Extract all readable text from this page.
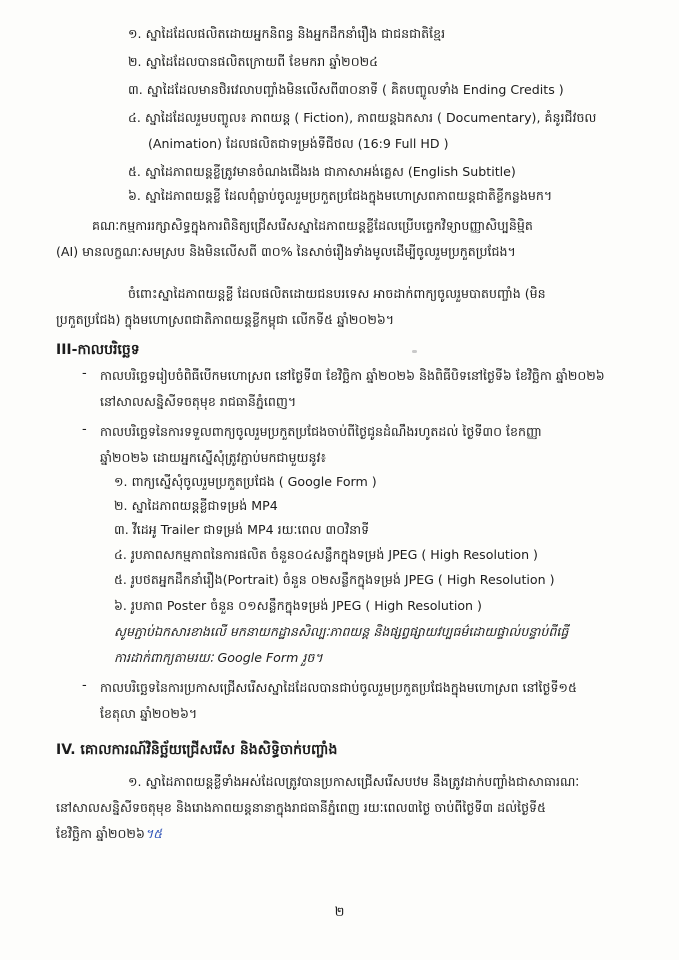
១. ស្នាដៃដែលផលិតដោយអ្នកនិពន្ធ និងអ្នកដឹកនាំរឿង ជាជនជាតិខ្មែរ
២. ស្នាដៃដែលបានផលិតក្រោយពី ខែមករា ឆ្នាំ២០២៤
៣. ស្នាដៃដែលមានថិរវេលាបញ្ចាំងមិនលើសពី៣០នាទី ( គិតបញ្ចូលទាំង Ending Credits )
៤. ស្នាដៃដែលរួមបញ្ចូល៖ ភាពយន្ត ( Fiction), ភាពយន្តឯកសារ ( Documentary), គំនូរជីវចល
(Animation) ដែលផលិតជាទម្រង់ទីជីថល (16:9 Full HD )
៥. ស្នាដៃភាពយន្តខ្លីត្រូវមានចំណងជើងរង ជាភាសាអង់គ្លេស (English Subtitle)
៦. ស្នាដៃភាពយន្តខ្លី ដែលពុំធ្លាប់ចូលរួមប្រកួតប្រជែងក្នុងមហោស្រពភាពយន្តជាតិខ្លីកន្លងមក។
គណៈកម្មការរក្សាសិទ្ធក្នុងការពិនិត្យជ្រើសរើសស្នាដៃភាពយន្តខ្លីដែលប្រើបច្ចេកវិទ្យាបញ្ញាសិប្បនិម្មិត
(AI) មានលក្ខណៈសមស្រប និងមិនលើសពី ៣០% នៃសាច់រឿងទាំងមូលដើម្បីចូលរួមប្រកួតប្រជែង។
ចំពោះស្នាដៃភាពយន្តខ្លី ដែលផលិតដោយជនបរទេស អាចដាក់ពាក្យចូលរួមបាតបញ្ចាំង (មិន
ប្រកួតប្រជែង) ក្នុងមហោស្រពជាតិភាពយន្តខ្លីកម្ពុជា លើកទី៥ ឆ្នាំ២០២៦។
III-កាលបរិច្ឆេទ
- កាលបរិច្ឆេទរៀបចំពិធីបើកមហោស្រព នៅថ្ងៃទី៣ ខែវិច្ឆិកា ឆ្នាំ២០២៦ និងពិធីបិទនៅថ្ងៃទី៦ ខែវិច្ឆិកា ឆ្នាំ២០២៦
នៅសាលសន្និសីទចតុមុខ រាជធានីភ្នំពេញ។
- កាលបរិច្ឆេទនៃការទទួលពាក្យចូលរួមប្រកួតប្រជែងចាប់ពីថ្ងៃជូនដំណឹងរហូតដល់ ថ្ងៃទី៣០ ខែកញ្ញា
ឆ្នាំ២០២៦ ដោយអ្នកស្នើសុំត្រូវភ្ជាប់មកជាមួយនូវ៖
១. ពាក្យស្នើសុំចូលរួមប្រកួតប្រជែង ( Google Form )
២. ស្នាដៃភាពយន្តខ្លីជាទម្រង់ MP4
៣. វីដេអូ Trailer ជាទម្រង់ MP4 រយៈពេល ៣០វិនាទី
៤. រូបភាពសកម្មភាពនៃការផលិត ចំនួន០៤សន្លឹកក្នុងទម្រង់ JPEG ( High Resolution )
៥. រូបថតអ្នកដឹកនាំរឿង(Portrait) ចំនួន ០២សន្លឹកក្នុងទម្រង់ JPEG ( High Resolution )
៦. រូបភាព Poster ចំនួន ០១សន្លឹកក្នុងទម្រង់ JPEG ( High Resolution )
សូមភ្ជាប់ឯកសារខាងលើ មកនាយកដ្ឋានសិល្បៈភាពយន្ត និងផ្សព្វផ្សាយវប្បធម៌ដោយផ្ទាល់បន្ទាប់ពីធ្វើ
ការដាក់ពាក្យតាមរយៈ Google Form រួច។
- កាលបរិច្ឆេទនៃការប្រកាសជ្រើសរើសស្នាដៃដែលបានជាប់ចូលរួមប្រកួតប្រជែងក្នុងមហោស្រព នៅថ្ងៃទី១៥
ខែតុលា ឆ្នាំ២០២៦។
IV. គោលការណ៍វិនិច្ឆ័យជ្រើសរើស និងសិទ្ធិចាក់បញ្ចាំង
១. ស្នាដៃភាពយន្តខ្លីទាំងអស់ដែលត្រូវបានប្រកាសជ្រើសរើសបឋម នឹងត្រូវដាក់បញ្ចាំងជាសាធារណៈ
នៅសាលសន្និសីទចតុមុខ និងរោងភាពយន្តនានាក្នុងរាជធានីភ្នំពេញ រយៈពេល៣ថ្ងៃ ចាប់ពីថ្ងៃទី៣ ដល់ថ្ងៃទី៥
ខែវិច្ឆិកា ឆ្នាំ២០២៦។៥
២
